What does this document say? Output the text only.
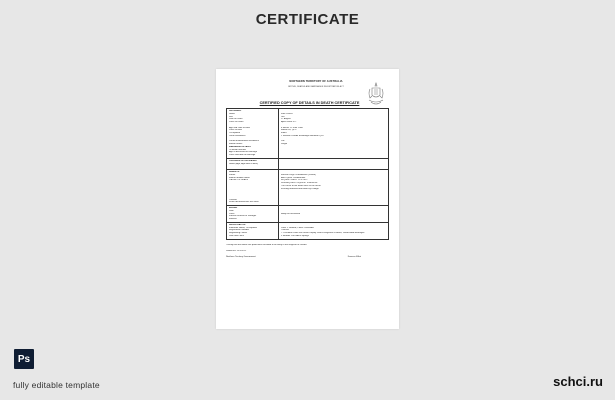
CERTIFICATE
NORTHERN TERRITORY OF AUSTRALIA
BIRTHS, DEATHS AND MARRIAGES REGISTRATION ACT
CERTIFIED COPY OF DETAILS IN DEATH CERTIFICATE
DECEASED
Name
Sex
Date of Death
Place of Death
Age and Date of Birth
Place of Birth
Occupation
Usual Residence
Period of Australian Residence
Marital Status
MARRIAGE DETAILS
To whom married
Age of deceased at marriage
Place and date of marriage
Kate Lillacis
Girl
17 August
Ayers Rock N.T.
8 weeks 11 June 1988
Mount Isa, QLD
Infant
1 Ivanhoe Parade Eromanga Mountain QLD
Life
Single
CHILDREN OF DECEASED
Name (Age, Age date of birth)
PARENTS
Father
Mother Maiden name
CAUSE OF DEATH
Coroner
When deceased was last seen
Michael Leigh Chamberlain (Pastor)
Alice Lynne Chamberlain
INQUEST HELD 12.6.2012
SUBSEQUENT INQUEST FINDINGS
The cause of her death was as the result
of being attacked and taken by a dingo
BURIAL
Date
Place
Funeral Director or Stranger
Minister
Body not recovered
REGISTRATION
Informant Name, Occupation
Registration Number
Registering Officer
Date and Place
Peter J. Bauard, Police Constable
7090/80
T. Lee Anne Darlo von Sheal Deputy District Registrar of Births, Deaths And Marriages
3 Mender 1981 Alice Springs
I certify that the above are particulars recorded in an entry in the Register of Deaths
Dated this 13/1/2012
Northern Territory Government	Frances Elliot
Ps
fully editable template	schci.ru
